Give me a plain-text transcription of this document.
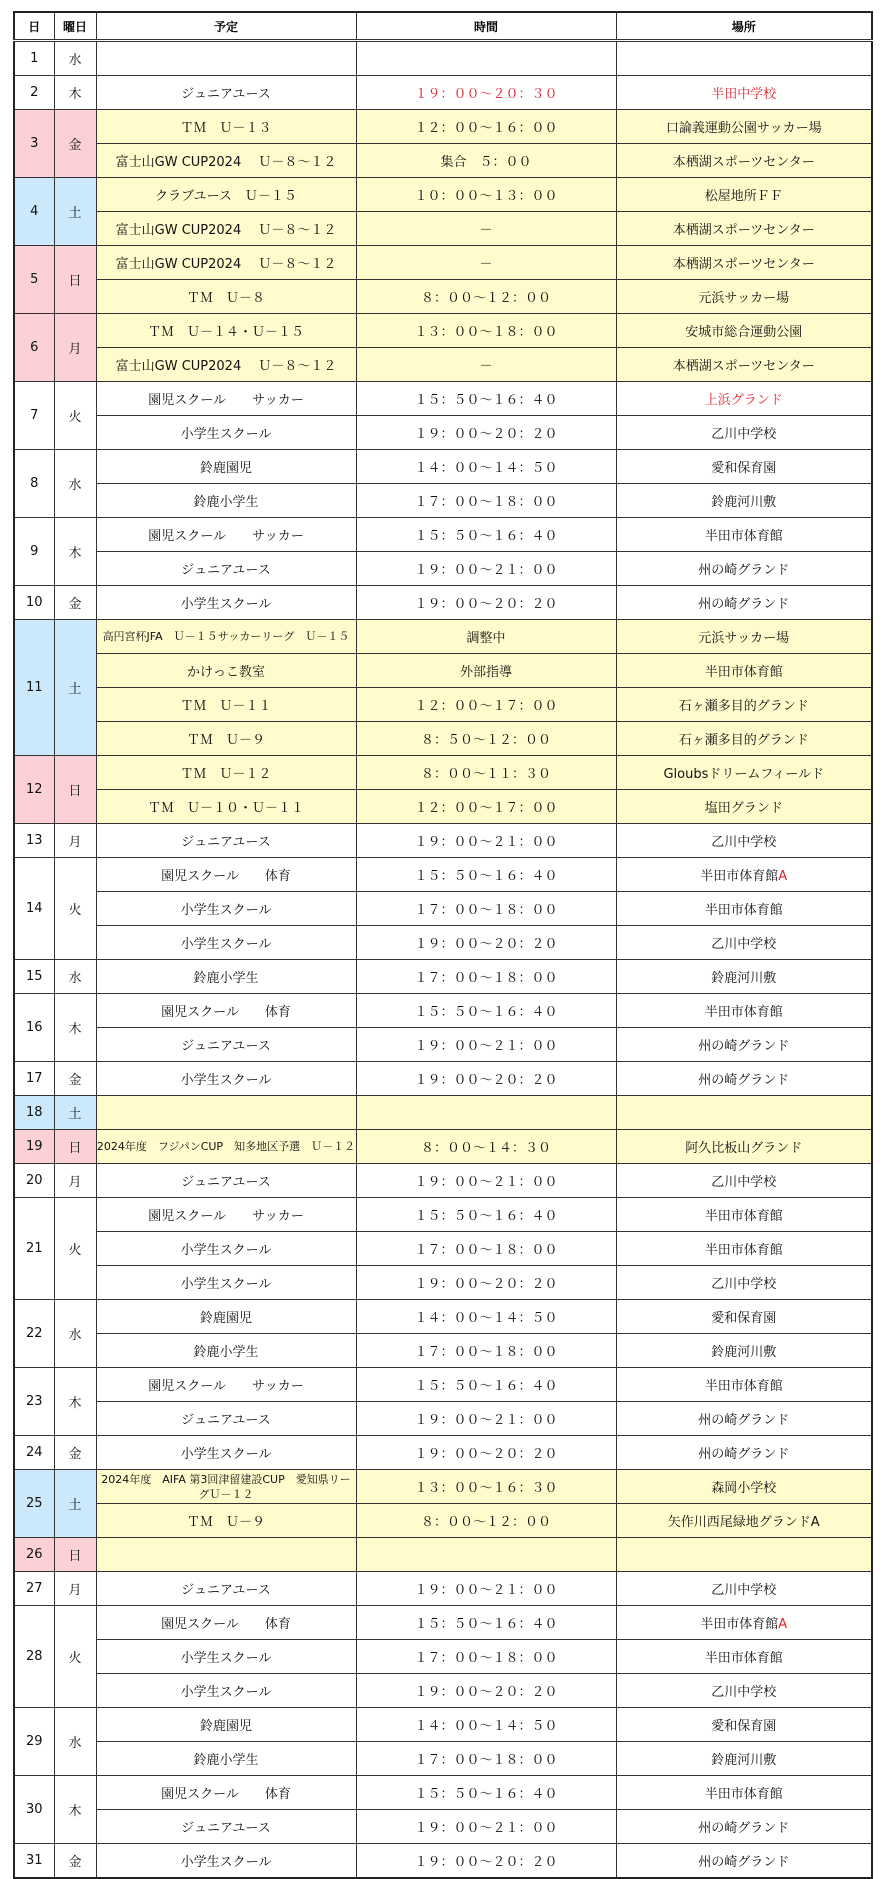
日	曜日	予定	時間	場所
1	水			
2	木	ジュニアユース	１９：００～２０：３０	半田中学校
3	金	ＴＭ　Ｕ－１３	１２：００～１６：００	口論義運動公園サッカー場
		富士山GW CUP2024　 Ｕ－８～１２	集合　５：００	本栖湖スポーツセンター
4	土	クラブユース　Ｕ－１５	１０：００～１３：００	松屋地所ＦＦ
		富士山GW CUP2024　 Ｕ－８～１２	－	本栖湖スポーツセンター
5	日	富士山GW CUP2024　 Ｕ－８～１２	－	本栖湖スポーツセンター
		ＴＭ　Ｕ－８	８：００～１２：００	元浜サッカー場
6	月	ＴＭ　Ｕ－１４・Ｕ－１５	１３：００～１８：００	安城市総合運動公園
		富士山GW CUP2024　 Ｕ－８～１２	－	本栖湖スポーツセンター
7	火	園児スクール　　サッカー	１５：５０～１６：４０	上浜グランド
		小学生スクール	１９：００～２０：２０	乙川中学校
8	水	鈴鹿園児	１４：００～１４：５０	愛和保育園
		鈴鹿小学生	１７：００～１８：００	鈴鹿河川敷
9	木	園児スクール　　サッカー	１５：５０～１６：４０	半田市体育館
		ジュニアユース	１９：００～２１：００	州の崎グランド
10	金	小学生スクール	１９：００～２０：２０	州の崎グランド
11	土	高円宮杯JFA　Ｕ－１５サッカーリーグ　Ｕ－１５	調整中	元浜サッカー場
		かけっこ教室	外部指導	半田市体育館
		ＴＭ　Ｕ－１１	１２：００～１７：００	石ヶ瀬多目的グランド
		ＴＭ　Ｕ－９	８：５０～１２：００	石ヶ瀬多目的グランド
12	日	ＴＭ　Ｕ－１２	８：００～１１：３０	Gloubsドリームフィールド
		ＴＭ　Ｕ－１０・Ｕ－１１	１２：００～１７：００	塩田グランド
13	月	ジュニアユース	１９：００～２１：００	乙川中学校
14	火	園児スクール　　体育	１５：５０～１６：４０	半田市体育館A
		小学生スクール	１７：００～１８：００	半田市体育館
		小学生スクール	１９：００～２０：２０	乙川中学校
15	水	鈴鹿小学生	１７：００～１８：００	鈴鹿河川敷
16	木	園児スクール　　体育	１５：５０～１６：４０	半田市体育館
		ジュニアユース	１９：００～２１：００	州の崎グランド
17	金	小学生スクール	１９：００～２０：２０	州の崎グランド
18	土			
19	日	2024年度　フジパンCUP　知多地区予選　Ｕ－１２	８：００～１４：３０	阿久比板山グランド
20	月	ジュニアユース	１９：００～２１：００	乙川中学校
21	火	園児スクール　　サッカー	１５：５０～１６：４０	半田市体育館
		小学生スクール	１７：００～１８：００	半田市体育館
		小学生スクール	１９：００～２０：２０	乙川中学校
22	水	鈴鹿園児	１４：００～１４：５０	愛和保育園
		鈴鹿小学生	１７：００～１８：００	鈴鹿河川敷
23	木	園児スクール　　サッカー	１５：５０～１６：４０	半田市体育館
		ジュニアユース	１９：００～２１：００	州の崎グランド
24	金	小学生スクール	１９：００～２０：２０	州の崎グランド
25	土	2024年度　AIFA 第3回津留建設CUP　愛知県リーグＵ－１２	１３：００～１６：３０	森岡小学校
		ＴＭ　Ｕ－９	８：００～１２：００	矢作川西尾緑地グランドA
26	日			
27	月	ジュニアユース	１９：００～２１：００	乙川中学校
28	火	園児スクール　　体育	１５：５０～１６：４０	半田市体育館A
		小学生スクール	１７：００～１８：００	半田市体育館
		小学生スクール	１９：００～２０：２０	乙川中学校
29	水	鈴鹿園児	１４：００～１４：５０	愛和保育園
		鈴鹿小学生	１７：００～１８：００	鈴鹿河川敷
30	木	園児スクール　　体育	１５：５０～１６：４０	半田市体育館
		ジュニアユース	１９：００～２１：００	州の崎グランド
31	金	小学生スクール	１９：００～２０：２０	州の崎グランド
